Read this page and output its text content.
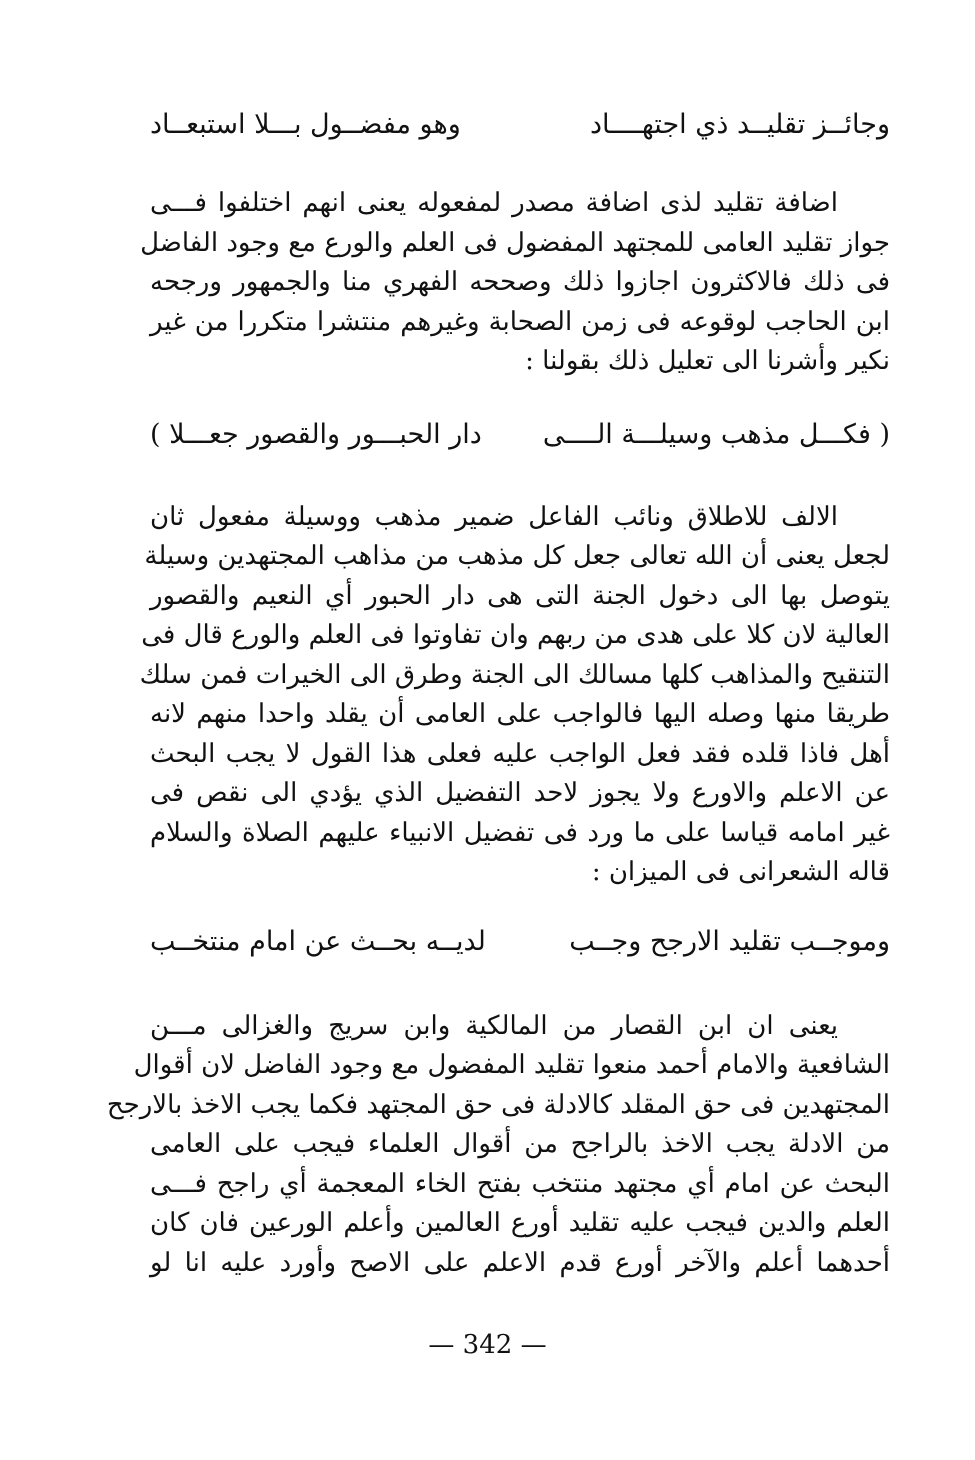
وجائــز تقليــد ذي اجتهــــاد
وهو مفضــول بـــلا استبعــاد
اضافة تقليد لذى اضافة مصدر لمفعوله يعنى انهم اختلفوا فـــى
جواز تقليد العامى للمجتهد المفضول فى العلم والورع مع وجود الفاضل
فى ذلك فالاكثرون اجازوا ذلك وصححه الفهري منا والجمهور ورجحه
ابن الحاجب لوقوعه فى زمن الصحابة وغيرهم منتشرا متكررا من غير
نكير وأشرنا الى تعليل ذلك بقولنا :
( فكـــل مذهب وسيلـــة الــــى
دار الحبـــور والقصور جعـــلا )
الالف للاطلاق ونائب الفاعل ضمير مذهب ووسيلة مفعول ثان
لجعل يعنى أن الله تعالى جعل كل مذهب من مذاهب المجتهدين وسيلة
يتوصل بها الى دخول الجنة التى هى دار الحبور أي النعيم والقصور
العالية لان كلا على هدى من ربهم وان تفاوتوا فى العلم والورع قال فى
التنقيح والمذاهب كلها مسالك الى الجنة وطرق الى الخيرات فمن سلك
طريقا منها وصله اليها فالواجب على العامى أن يقلد واحدا منهم لانه
أهل فاذا قلده فقد فعل الواجب عليه فعلى هذا القول لا يجب البحث
عن الاعلم والاورع ولا يجوز لاحد التفضيل الذي يؤدي الى نقص فى
غير امامه قياسا على ما ورد فى تفضيل الانبياء عليهم الصلاة والسلام
قاله الشعرانى فى الميزان :
وموجــب تقليد الارجح وجــب
لديــه بحــث عن امام منتخــب
يعنى ان ابن القصار من المالكية وابن سريج والغزالى مـــن
الشافعية والامام أحمد منعوا تقليد المفضول مع وجود الفاضل لان أقوال
المجتهدين فى حق المقلد كالادلة فى حق المجتهد فكما يجب الاخذ بالارجح
من الادلة يجب الاخذ بالراجح من أقوال العلماء فيجب على العامى
البحث عن امام أي مجتهد منتخب بفتح الخاء المعجمة أي راجح فـــى
العلم والدين فيجب عليه تقليد أورع العالمين وأعلم الورعين فان كان
أحدهما أعلم والآخر أورع قدم الاعلم على الاصح وأورد عليه انا لو
— 342 —
